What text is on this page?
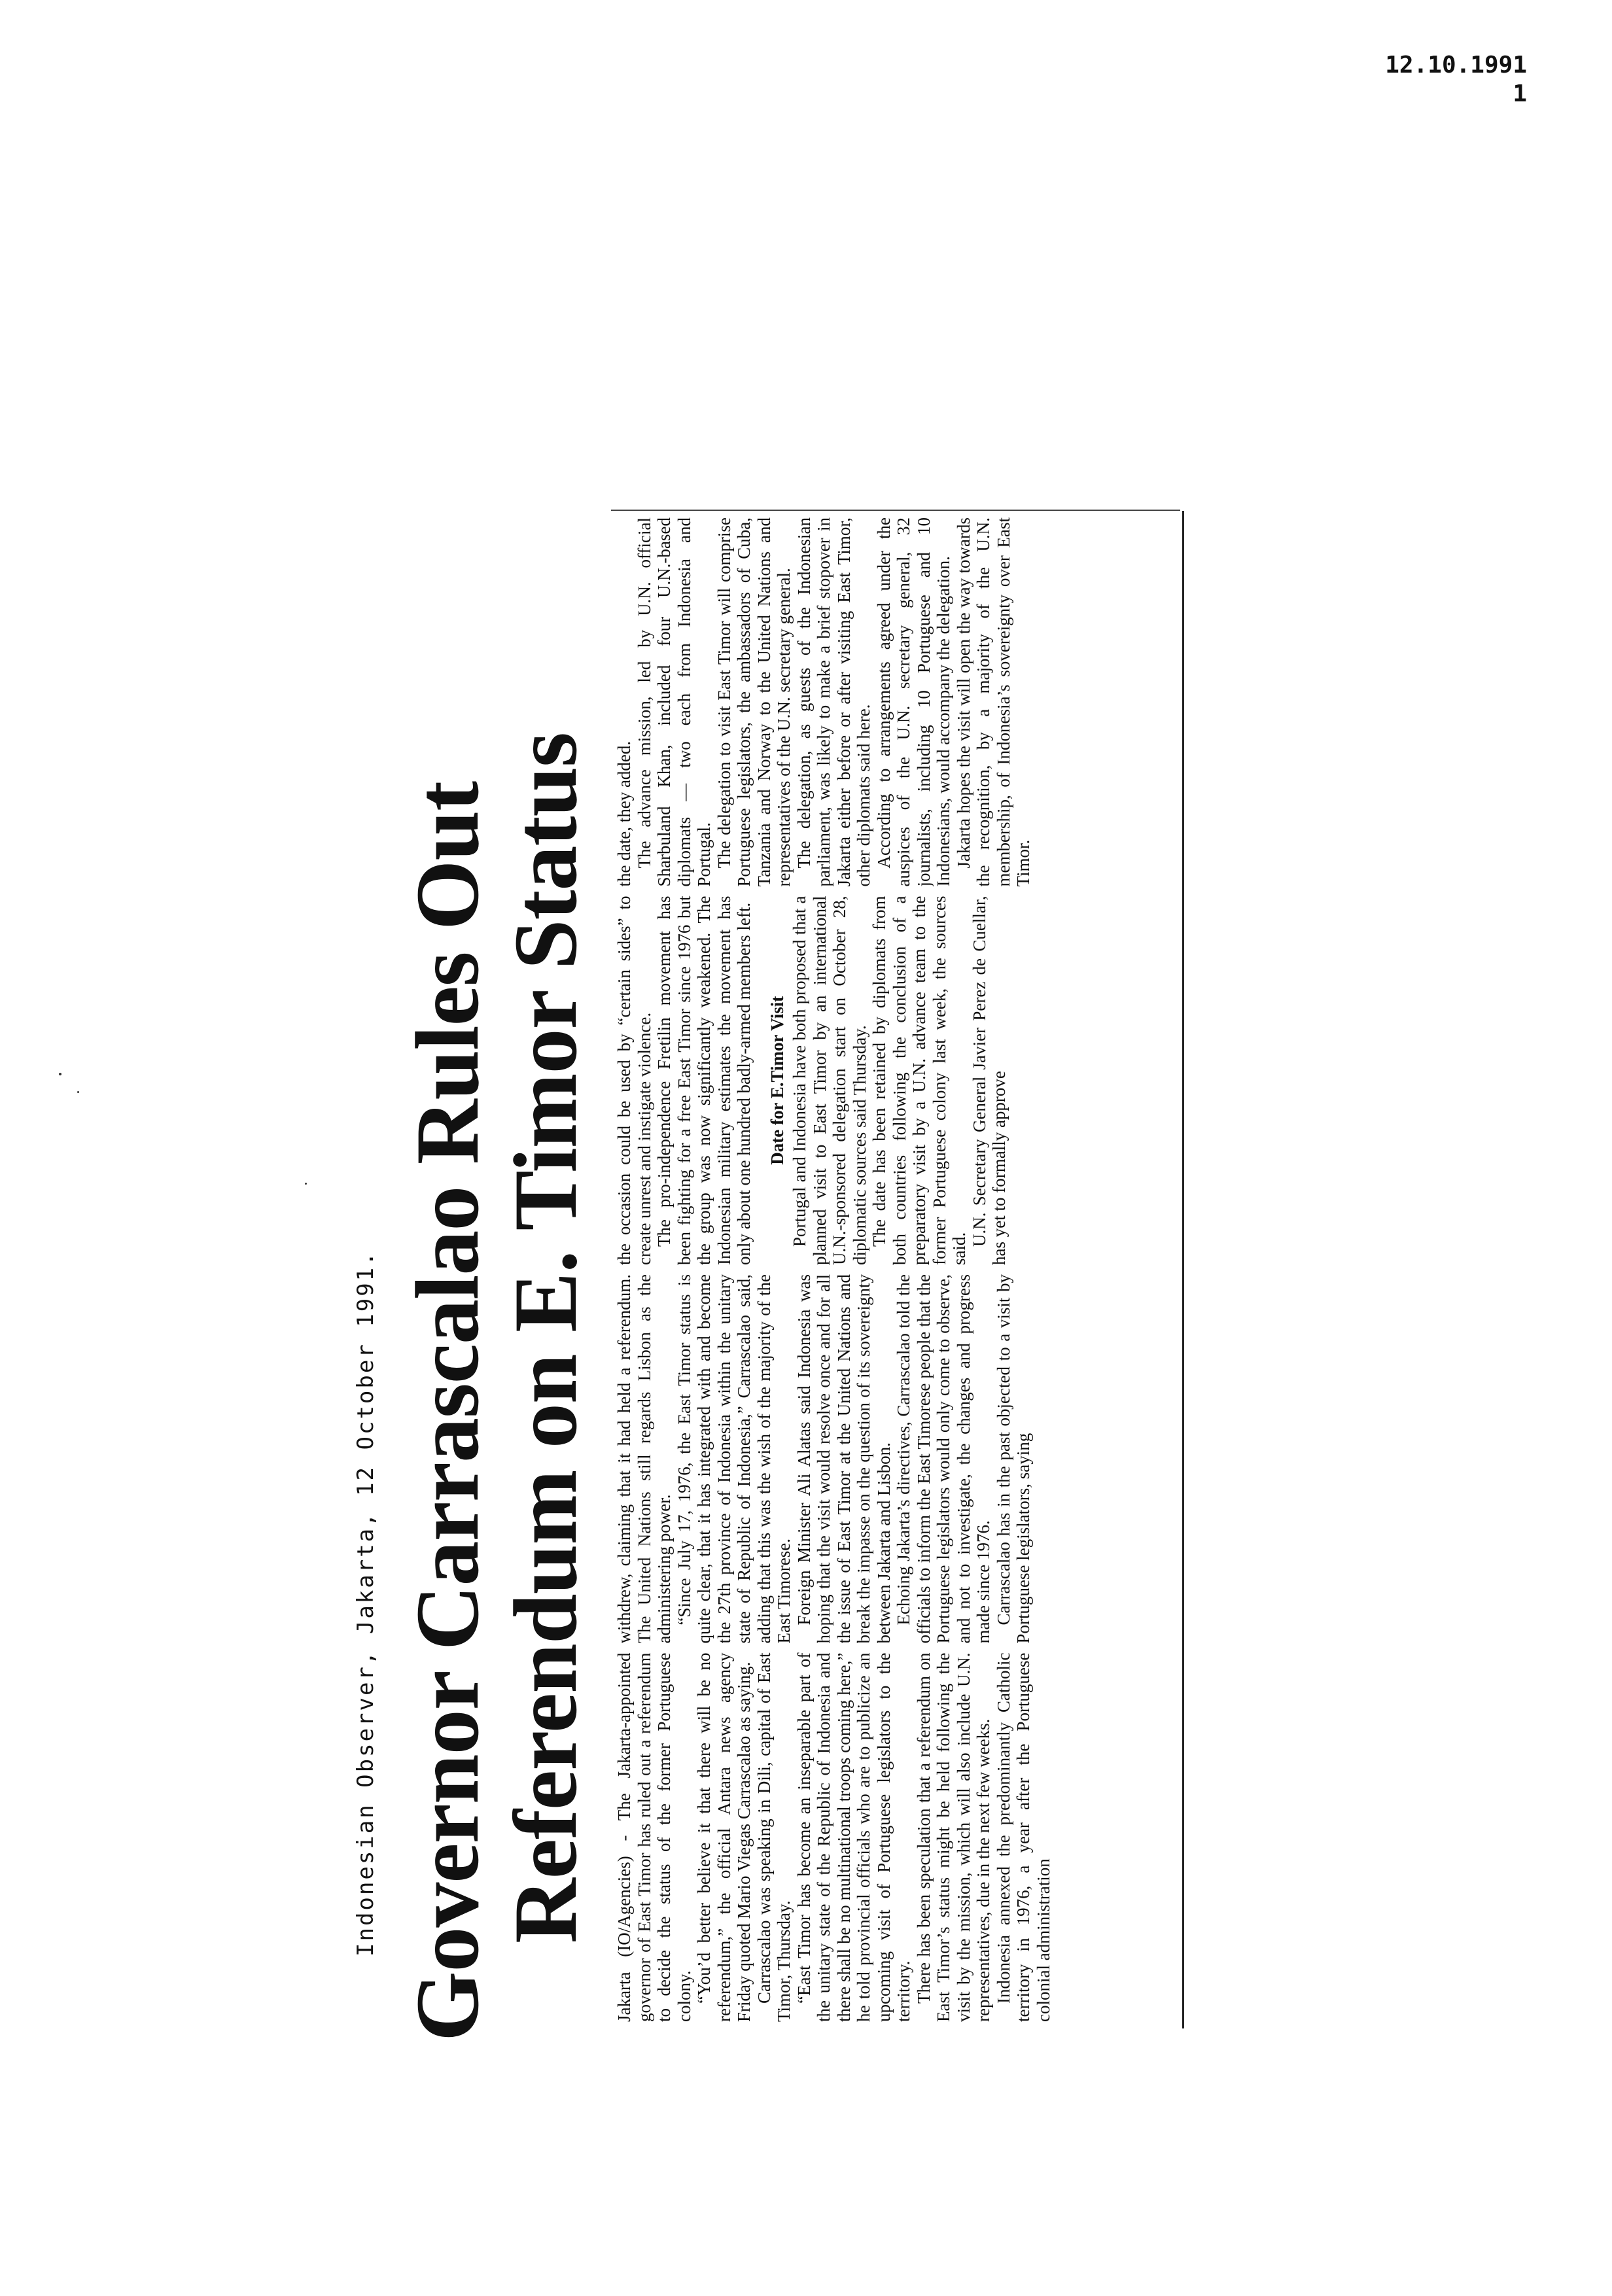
12.10.1991
1
Indonesian Observer, Jakarta, 12 October 1991. Governor Carrascalao Rules Out
Referendum on E. Timor Status Jakarta (IO/Agencies) - The Jakarta-appointed governor of East Timor has ruled out a referendum to decide the status of the former Portuguese colony. “You’d better believe it that there will be no referendum,” the official Antara news agency Friday quoted Mario Viegas Carrascalao as saying. Carrascalao was speaking in Dili, capital of East Timor, Thursday. “East Timor has become an inseparable part of the unitary state of the Republic of Indonesia and there shall be no multinational troops coming here,” he told provincial officials who are to publicize an upcoming visit of Portuguese legislators to the territory. There has been speculation that a referendum on East Timor’s status might be held following the visit by the mission, which will also include U.N. representatives, due in the next few weeks. Indonesia annexed the predominantly Catholic territory in 1976, a year after the Portuguese colonial administration

withdrew, claiming that it had held a referendum. The United Nations still regards Lisbon as the administering power. “Since July 17, 1976, the East Timor status is quite clear, that it has integrated with and become the 27th province of Indonesia within the unitary state of Republic of Indonesia,” Carrascalao said, adding that this was the wish of the majority of the East Timorese. Foreign Minister Ali Alatas said Indonesia was hoping that the visit would resolve once and for all the issue of East Timor at the United Nations and break the impasse on the question of its sovereignty between Jakarta and Lisbon. Echoing Jakarta’s directives, Carrascalao told the officials to inform the East Timorese people that the Portuguese legislators would only come to observe, and not to investigate, the changes and progress made since 1976. Carrascalao has in the past objected to a visit by Portuguese legislators, saying

the occasion could be used by “certain sides” to create unrest and instigate violence. The pro-independence Fretilin movement has been fighting for a free East Timor since 1976 but the group was now significantly weakened. The Indonesian military estimates the movement has only about one hundred badly-armed members left. Date for E.Timor Visit Portugal and Indonesia have both proposed that a planned visit to East Timor by an international U.N.-sponsored delegation start on October 28, diplomatic sources said Thursday. The date has been retained by diplomats from both countries following the conclusion of a preparatory visit by a U.N. advance team to the former Portuguese colony last week, the sources said.

U.N. Secretary General Javier Perez de Cuellar, has yet to formally approve

the date, they added. The advance mission, led by U.N. official Sharbuland Khan, included four U.N.-based diplomats — two each from Indonesia and Portugal. The delegation to visit East Timor will comprise Portuguese legislators, the ambassadors of Cuba, Tanzania and Norway to the United Nations and representatives of the U.N. secretary general. The delegation, as guests of the Indonesian parliament, was likely to make a brief stopover in Jakarta either before or after visiting East Timor, other diplomats said here. According to arrangements agreed under the auspices of the U.N. secretary general, 32 journalists, including 10 Portuguese and 10 Indonesians, would accompany the delegation. Jakarta hopes the visit will open the way towards the recognition, by a majority of the U.N. membership, of Indonesia’s sovereignty over East Timor.
